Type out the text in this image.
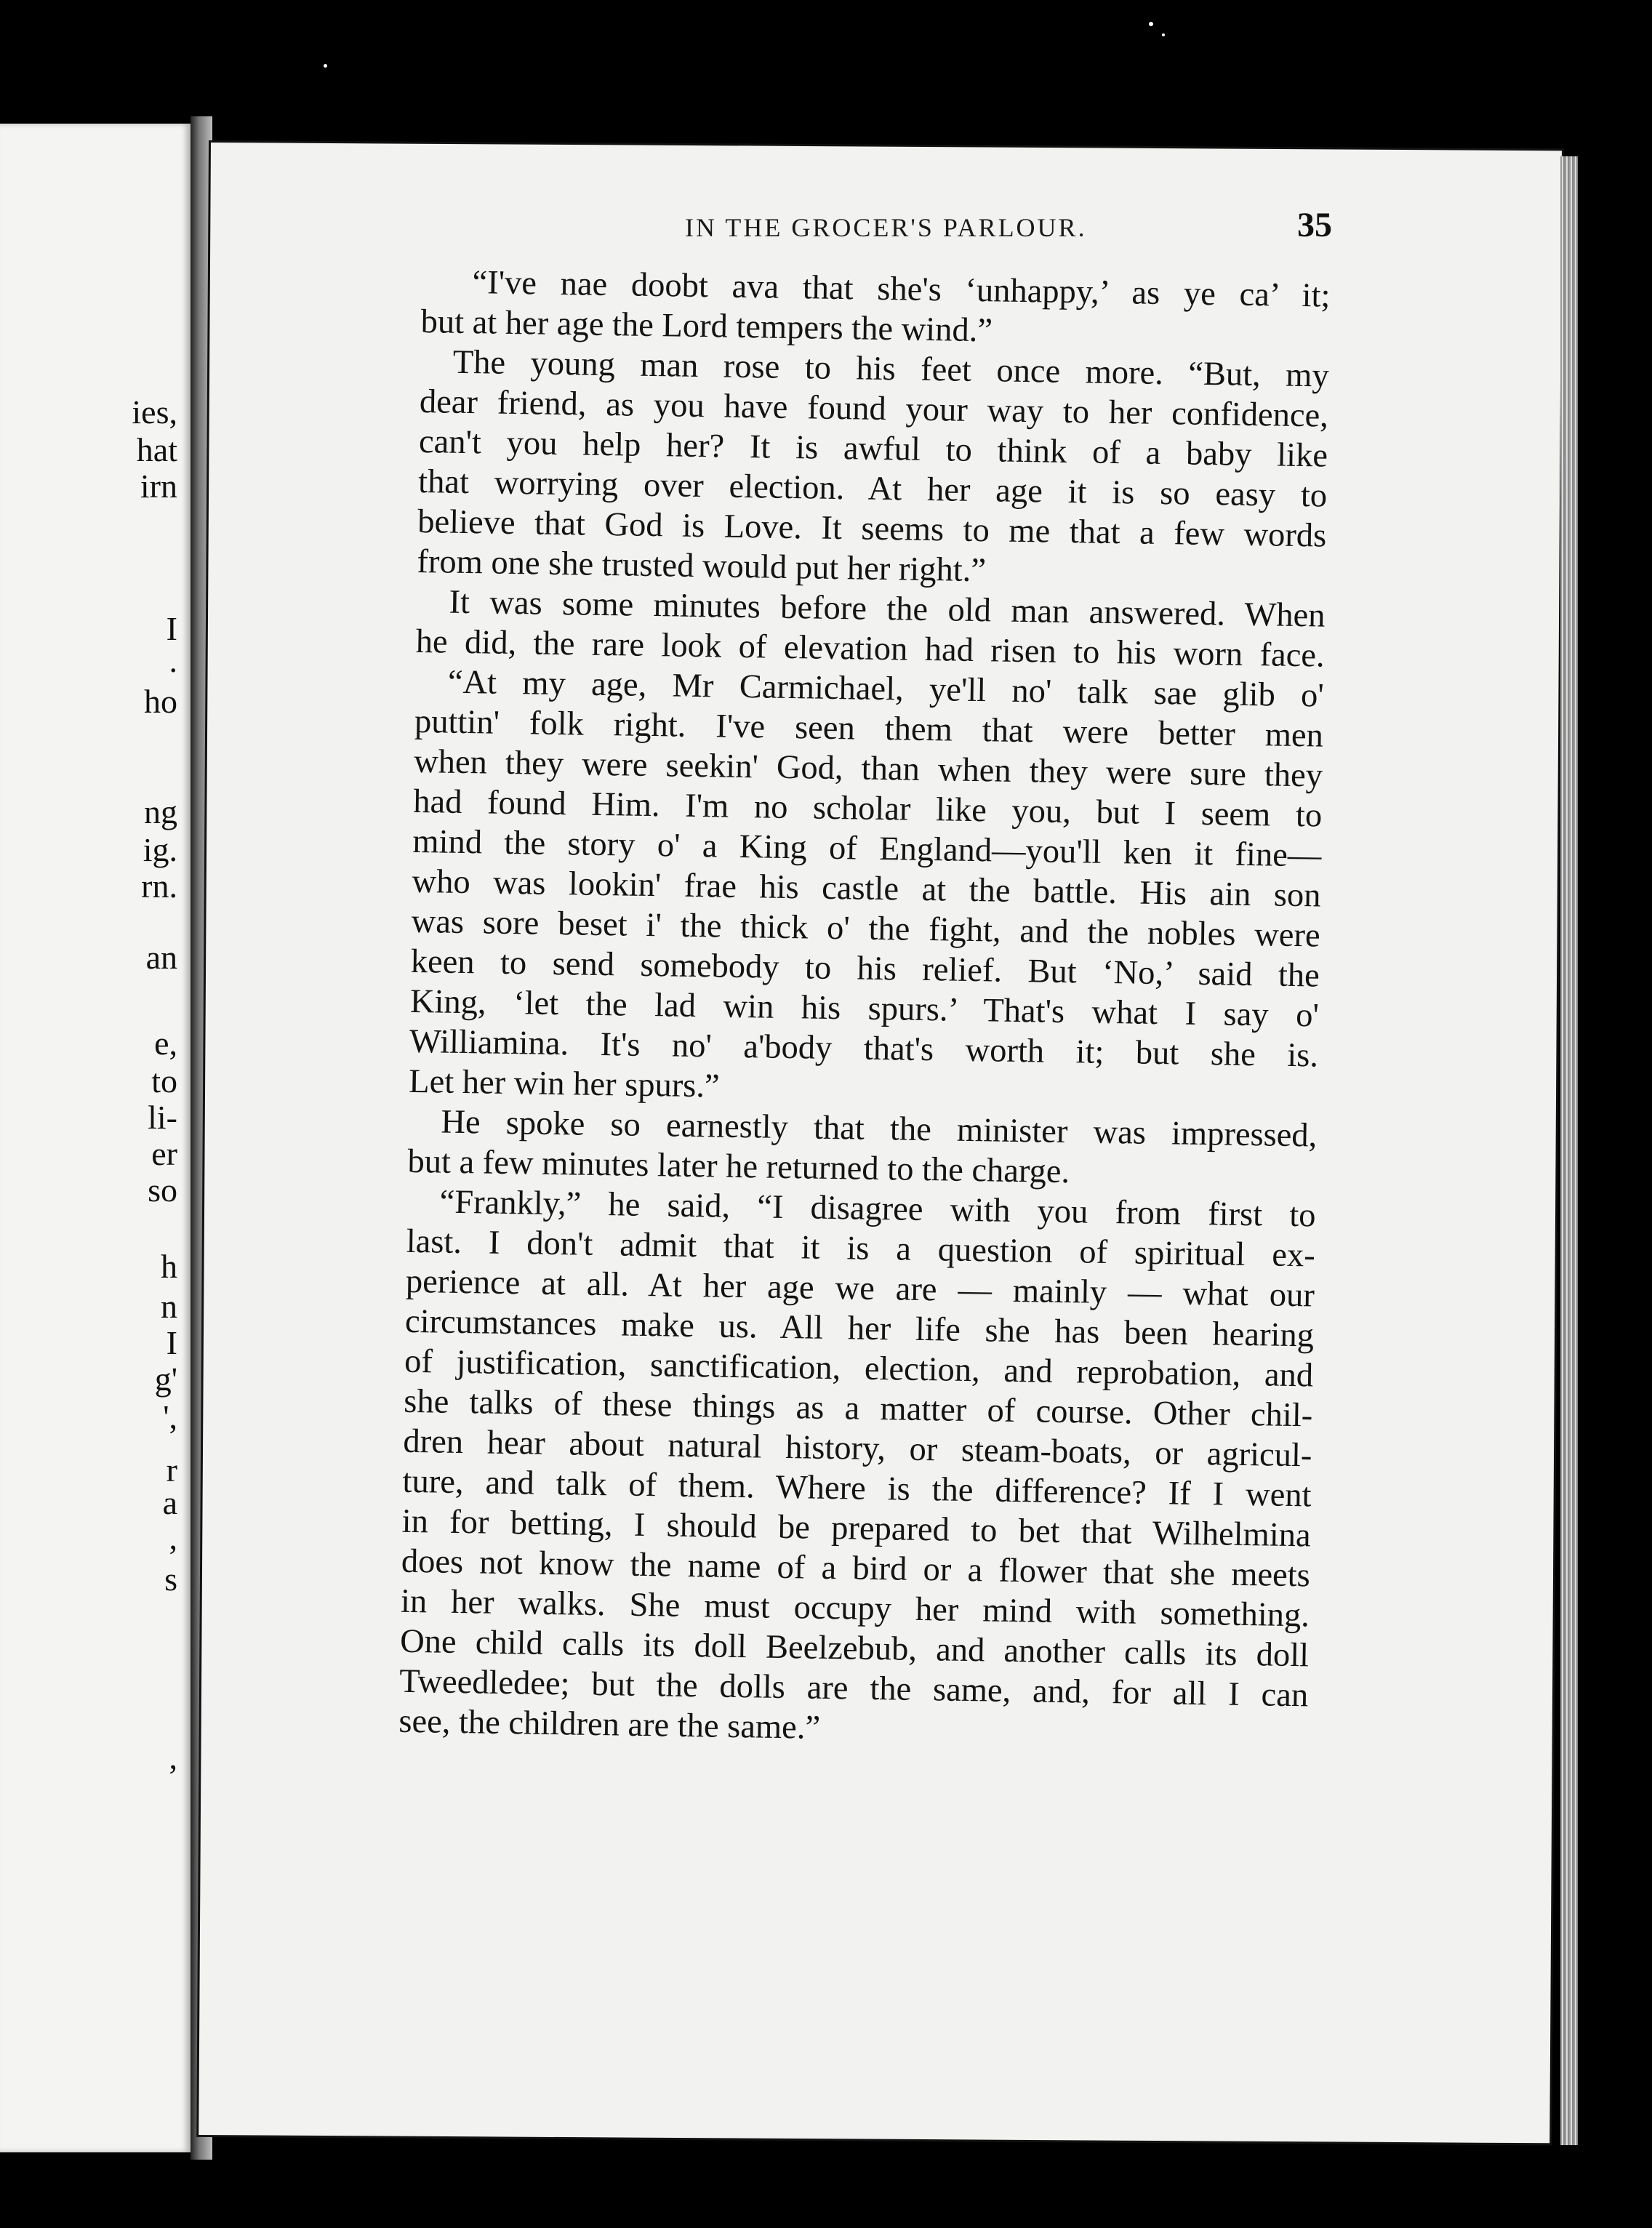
ies,
hat
irn
I
.
ho
ng
ig.
rn.
an
e,
to
li-
er
so
h
n
I
g'
',
r
a
,
s
,
IN THE GROCER'S PARLOUR.	35
“I've nae doobt ava that she's ‘unhappy,’ as ye ca’ it;
but at her age the Lord tempers the wind.”
The young man rose to his feet once more. “But, my
dear friend, as you have found your way to her confidence,
can't you help her? It is awful to think of a baby like
that worrying over election. At her age it is so easy to
believe that God is Love. It seems to me that a few words
from one she trusted would put her right.”
It was some minutes before the old man answered. When
he did, the rare look of elevation had risen to his worn face.
“At my age, Mr Carmichael, ye'll no' talk sae glib o'
puttin' folk right. I've seen them that were better men
when they were seekin' God, than when they were sure they
had found Him. I'm no scholar like you, but I seem to
mind the story o' a King of England—you'll ken it fine—
who was lookin' frae his castle at the battle. His ain son
was sore beset i' the thick o' the fight, and the nobles were
keen to send somebody to his relief. But ‘No,’ said the
King, ‘let the lad win his spurs.’ That's what I say o'
Williamina. It's no' a'body that's worth it; but she is.
Let her win her spurs.”
He spoke so earnestly that the minister was impressed,
but a few minutes later he returned to the charge.
“Frankly,” he said, “I disagree with you from first to
last. I don't admit that it is a question of spiritual ex-
perience at all. At her age we are — mainly — what our
circumstances make us. All her life she has been hearing
of justification, sanctification, election, and reprobation, and
she talks of these things as a matter of course. Other chil-
dren hear about natural history, or steam-boats, or agricul-
ture, and talk of them. Where is the difference? If I went
in for betting, I should be prepared to bet that Wilhelmina
does not know the name of a bird or a flower that she meets
in her walks. She must occupy her mind with something.
One child calls its doll Beelzebub, and another calls its doll
Tweedledee; but the dolls are the same, and, for all I can
see, the children are the same.”
